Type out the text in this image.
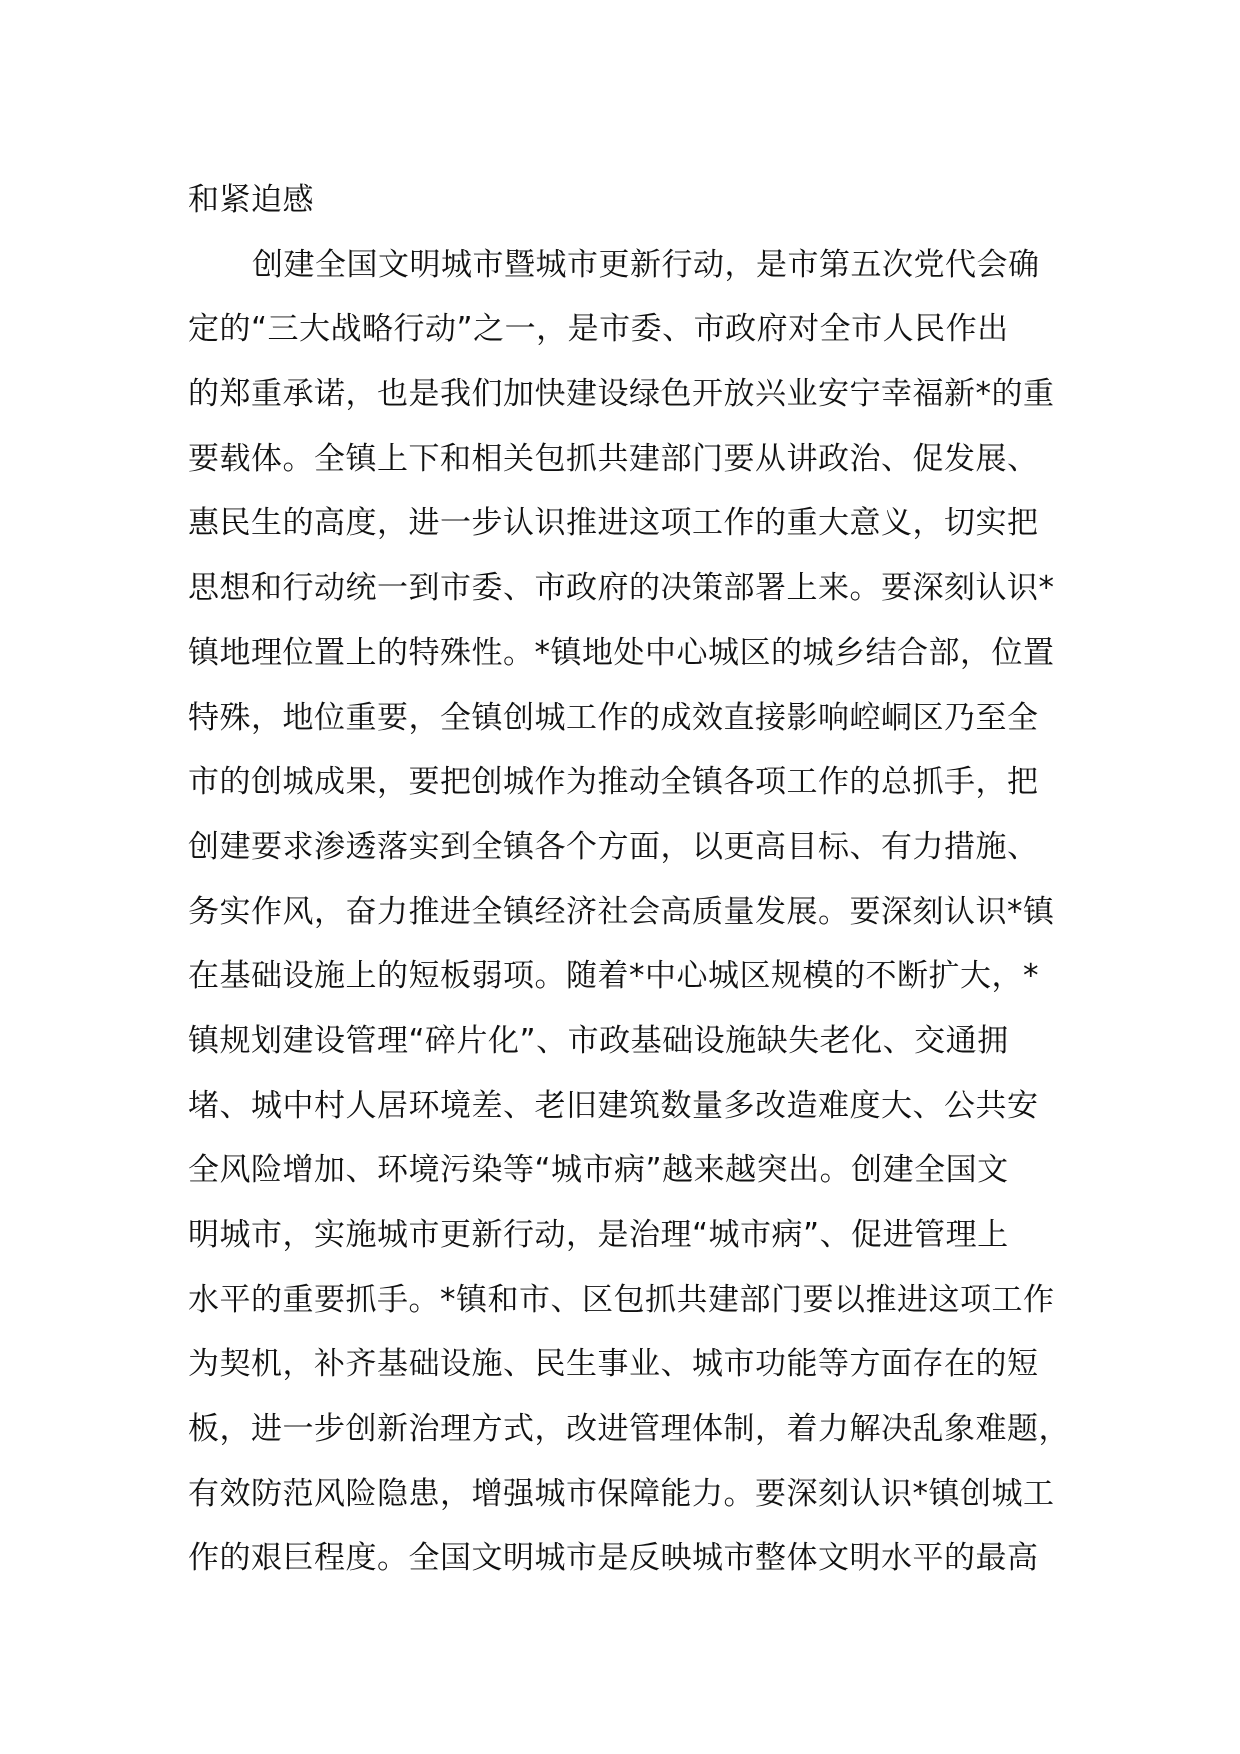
和紧迫感
创建全国文明城市暨城市更新行动，是市第五次党代会确
定的“三大战略行动”之一，是市委、市政府对全市人民作出
的郑重承诺，也是我们加快建设绿色开放兴业安宁幸福新*的重
要载体。全镇上下和相关包抓共建部门要从讲政治、促发展、
惠民生的高度，进一步认识推进这项工作的重大意义，切实把
思想和行动统一到市委、市政府的决策部署上来。要深刻认识*
镇地理位置上的特殊性。*镇地处中心城区的城乡结合部，位置
特殊，地位重要，全镇创城工作的成效直接影响崆峒区乃至全
市的创城成果，要把创城作为推动全镇各项工作的总抓手，把
创建要求渗透落实到全镇各个方面，以更高目标、有力措施、
务实作风，奋力推进全镇经济社会高质量发展。要深刻认识*镇
在基础设施上的短板弱项。随着*中心城区规模的不断扩大，*
镇规划建设管理“碎片化”、市政基础设施缺失老化、交通拥
堵、城中村人居环境差、老旧建筑数量多改造难度大、公共安
全风险增加、环境污染等“城市病”越来越突出。创建全国文
明城市，实施城市更新行动，是治理“城市病”、促进管理上
水平的重要抓手。*镇和市、区包抓共建部门要以推进这项工作
为契机，补齐基础设施、民生事业、城市功能等方面存在的短
板，进一步创新治理方式，改进管理体制，着力解决乱象难题，
有效防范风险隐患，增强城市保障能力。要深刻认识*镇创城工
作的艰巨程度。全国文明城市是反映城市整体文明水平的最高
